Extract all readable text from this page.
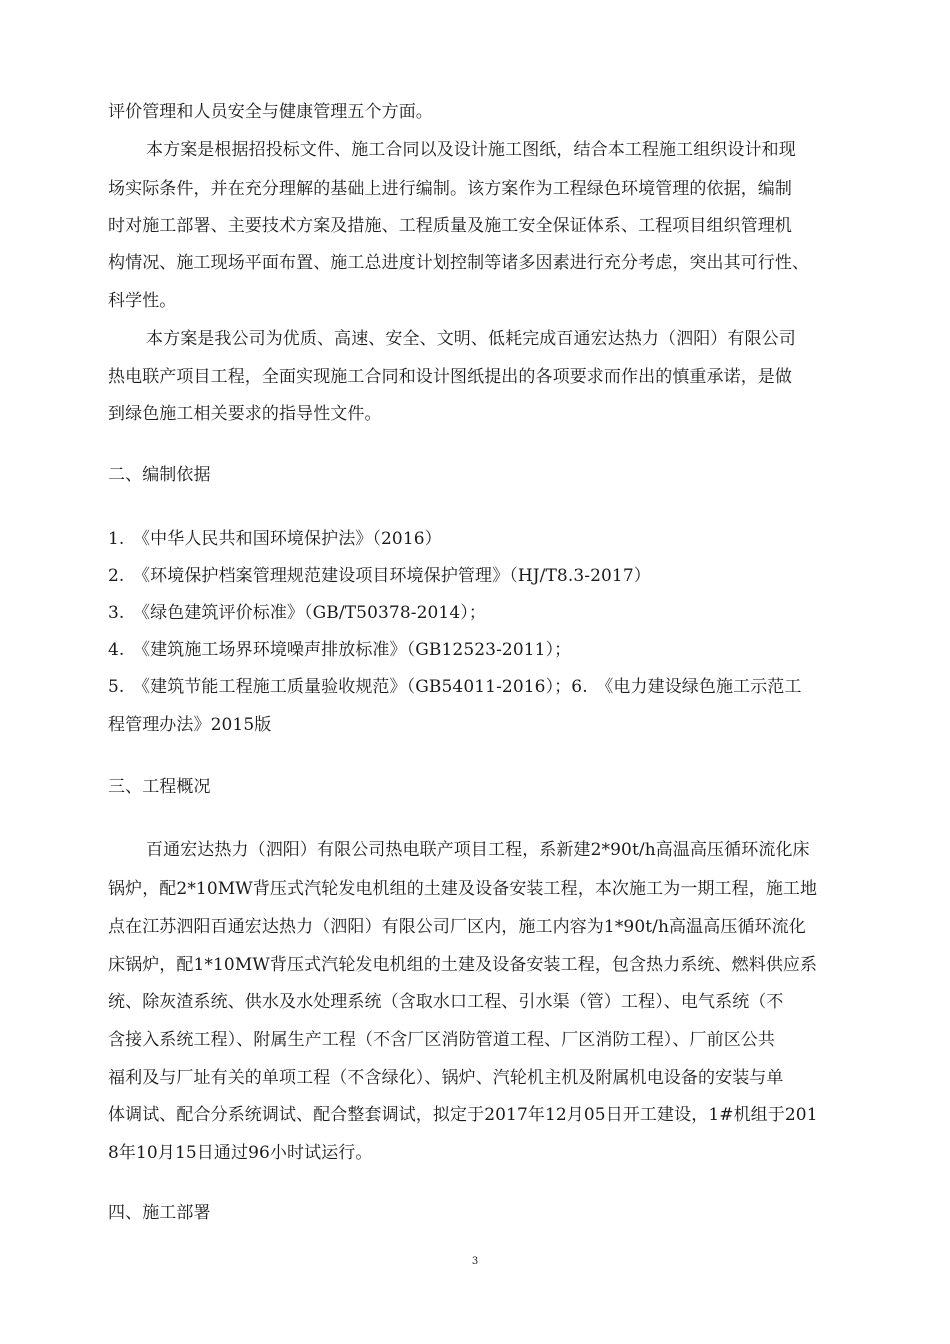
评价管理和人员安全与健康管理五个方面。
本方案是根据招投标文件、施工合同以及设计施工图纸，结合本工程施工组织设计和现
场实际条件，并在充分理解的基础上进行编制。该方案作为工程绿色环境管理的依据，编制
时对施工部署、主要技术方案及措施、工程质量及施工安全保证体系、工程项目组织管理机
构情况、施工现场平面布置、施工总进度计划控制等诸多因素进行充分考虑，突出其可行性、
科学性。
本方案是我公司为优质、高速、安全、文明、低耗完成百通宏达热力（泗阳）有限公司
热电联产项目工程，全面实现施工合同和设计图纸提出的各项要求而作出的慎重承诺，是做
到绿色施工相关要求的指导性文件。
二、编制依据
1.　《中华人民共和国环境保护法》（2016）
2.　《环境保护档案管理规范建设项目环境保护管理》（HJ/T8.3-2017）
3.　《绿色建筑评价标准》（GB/T50378-2014）；
4.　《建筑施工场界环境噪声排放标准》（GB12523-2011）；
5.　《建筑节能工程施工质量验收规范》（GB54011-2016）；6.　《电力建设绿色施工示范工
程管理办法》2015版
三、工程概况
百通宏达热力（泗阳）有限公司热电联产项目工程，系新建2*90t/h高温高压循环流化床
锅炉，配2*10MW背压式汽轮发电机组的土建及设备安装工程，本次施工为一期工程，施工地
点在江苏泗阳百通宏达热力（泗阳）有限公司厂区内，施工内容为1*90t/h高温高压循环流化
床锅炉，配1*10MW背压式汽轮发电机组的土建及设备安装工程，包含热力系统、燃料供应系
统、除灰渣系统、供水及水处理系统（含取水口工程、引水渠（管）工程）、电气系统（不
含接入系统工程）、附属生产工程（不含厂区消防管道工程、厂区消防工程）、厂前区公共
福利及与厂址有关的单项工程（不含绿化）、锅炉、汽轮机主机及附属机电设备的安装与单
体调试、配合分系统调试、配合整套调试，拟定于2017年12月05日开工建设，1#机组于201
8年10月15日通过96小时试运行。
四、施工部署
3
